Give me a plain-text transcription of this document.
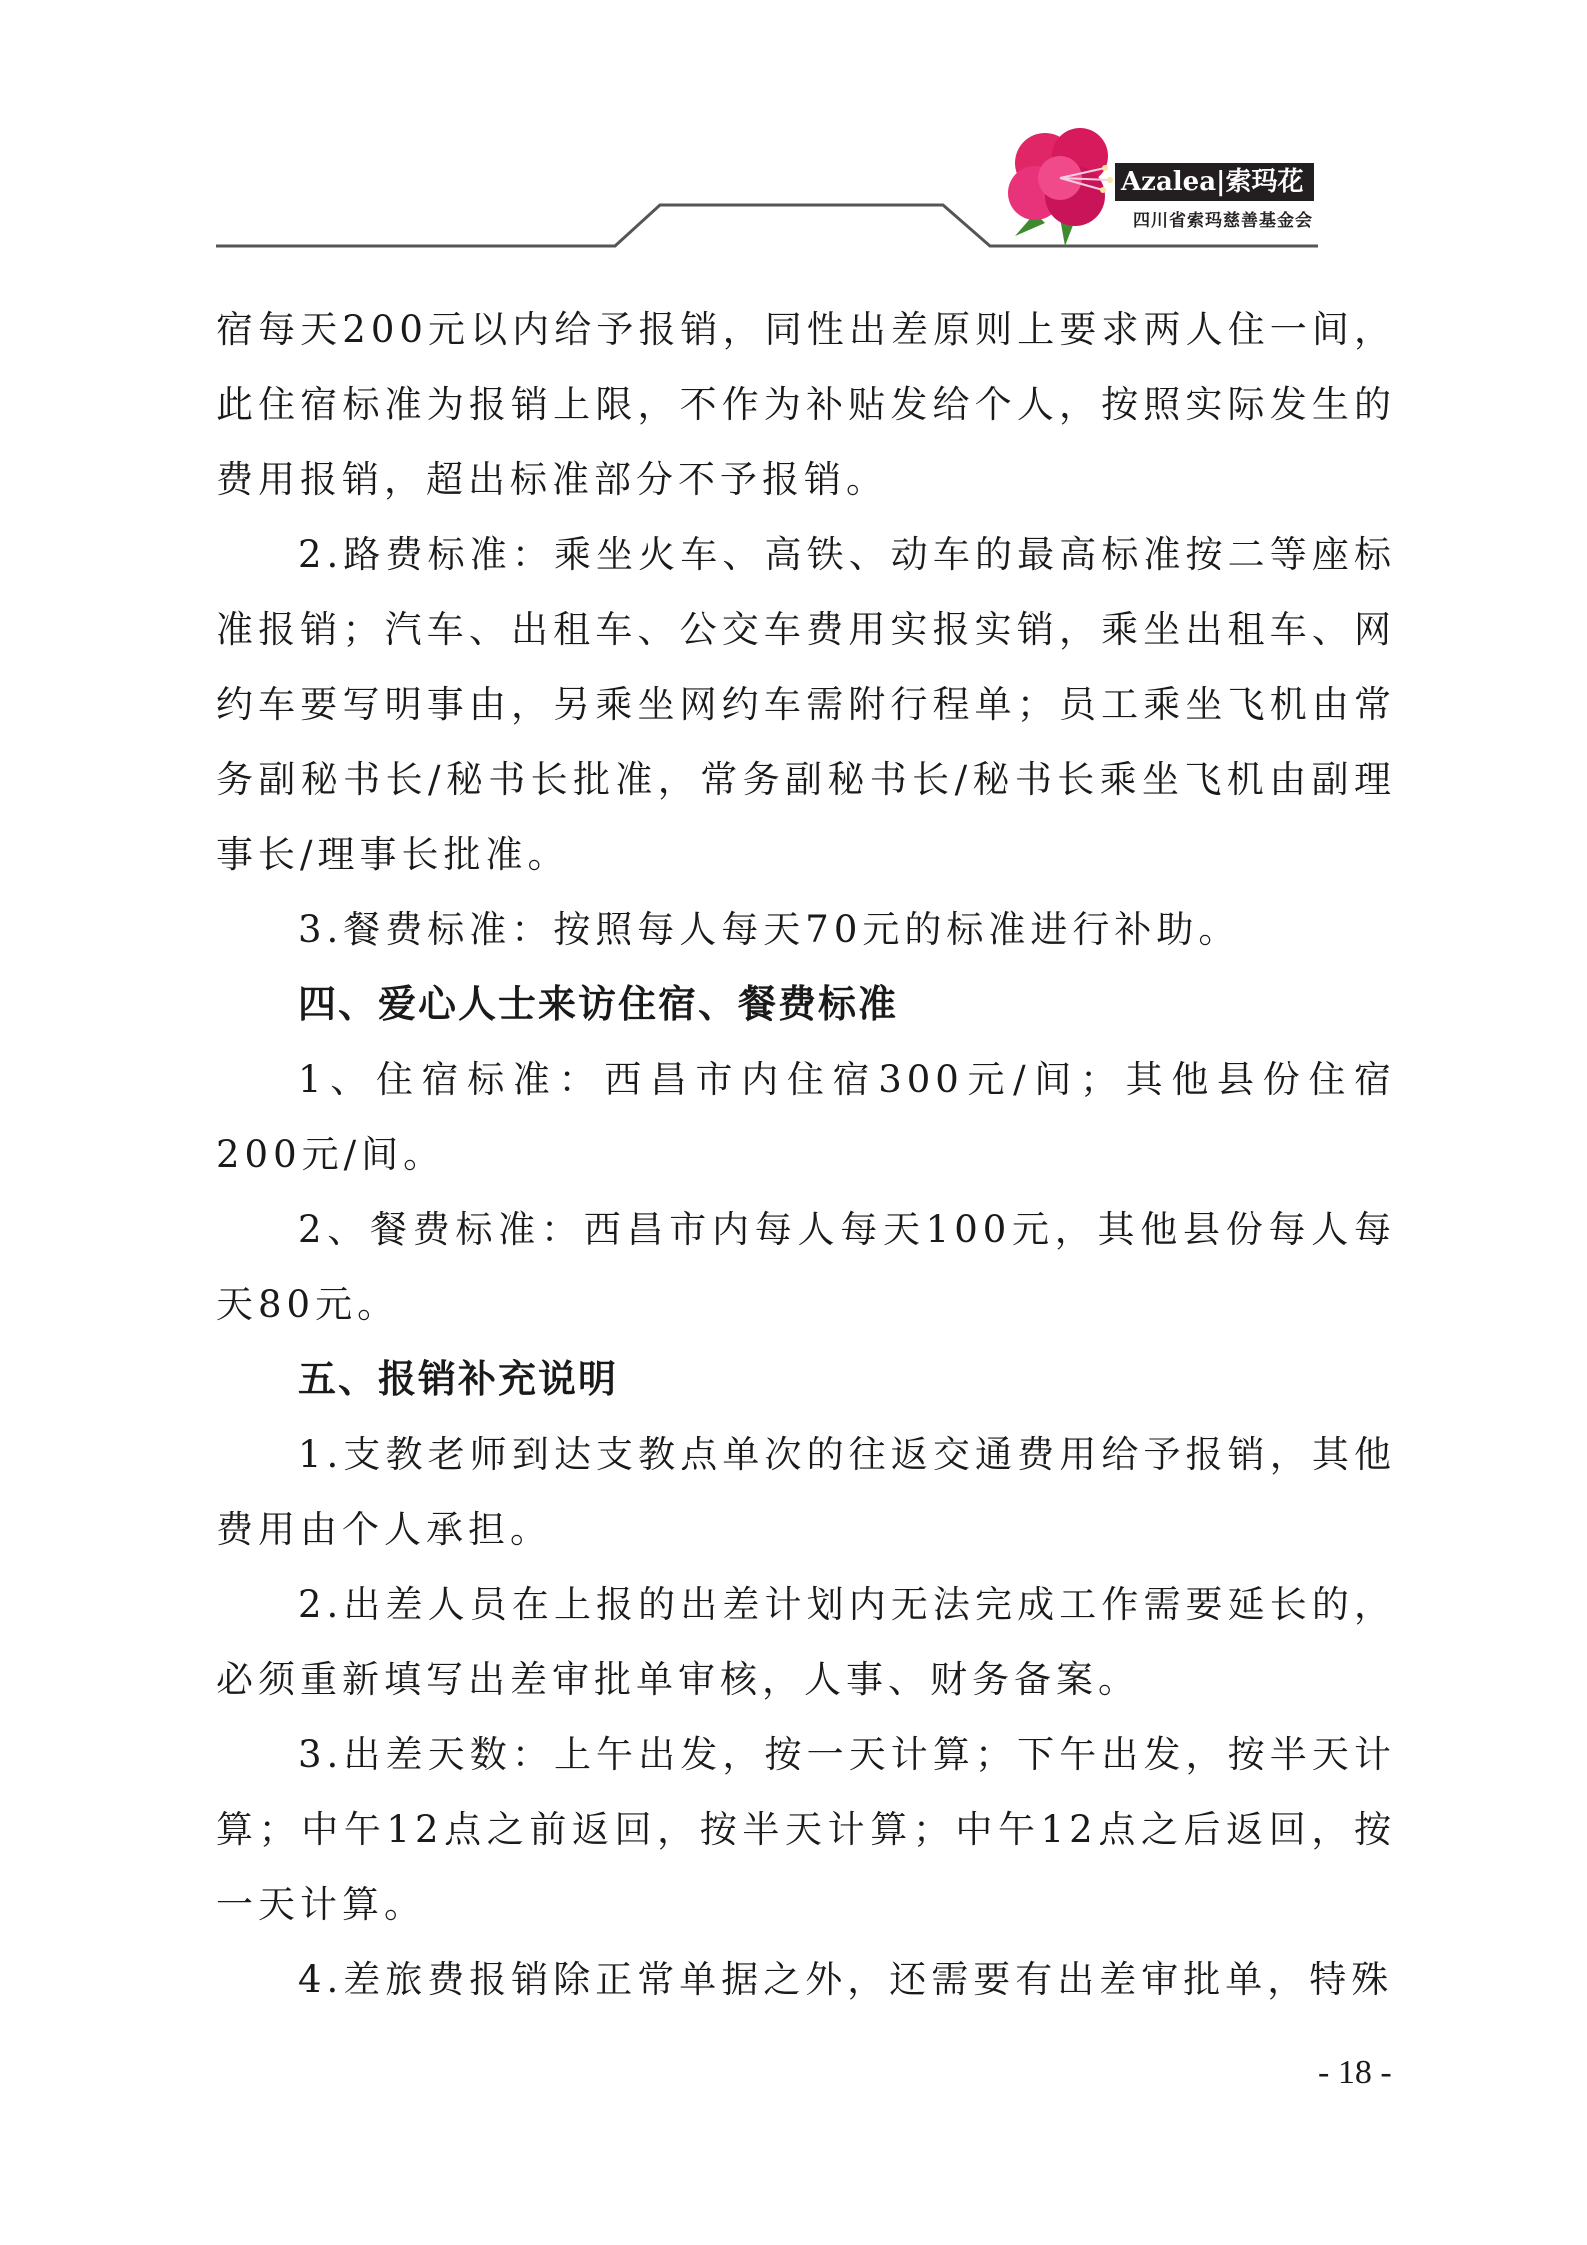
Azalea|索玛花
四川省索玛慈善基金会

宿每天200元以内给予报销，同性出差原则上要求两人住一间，此住宿标准为报销上限，不作为补贴发给个人，按照实际发生的费用报销，超出标准部分不予报销。

2.路费标准：乘坐火车、高铁、动车的最高标准按二等座标准报销；汽车、出租车、公交车费用实报实销，乘坐出租车、网约车要写明事由，另乘坐网约车需附行程单；员工乘坐飞机由常务副秘书长/秘书长批准，常务副秘书长/秘书长乘坐飞机由副理事长/理事长批准。

3.餐费标准：按照每人每天70元的标准进行补助。

四、爱心人士来访住宿、餐费标准

1、住宿标准：西昌市内住宿300元/间；其他县份住宿200元/间。

2、餐费标准：西昌市内每人每天100元，其他县份每人每天80元。

五、报销补充说明

1.支教老师到达支教点单次的往返交通费用给予报销，其他费用由个人承担。

2.出差人员在上报的出差计划内无法完成工作需要延长的，必须重新填写出差审批单审核，人事、财务备案。

3.出差天数：上午出发，按一天计算；下午出发，按半天计算；中午12点之前返回，按半天计算；中午12点之后返回，按一天计算。

4.差旅费报销除正常单据之外，还需要有出差审批单，特殊

- 18 -
